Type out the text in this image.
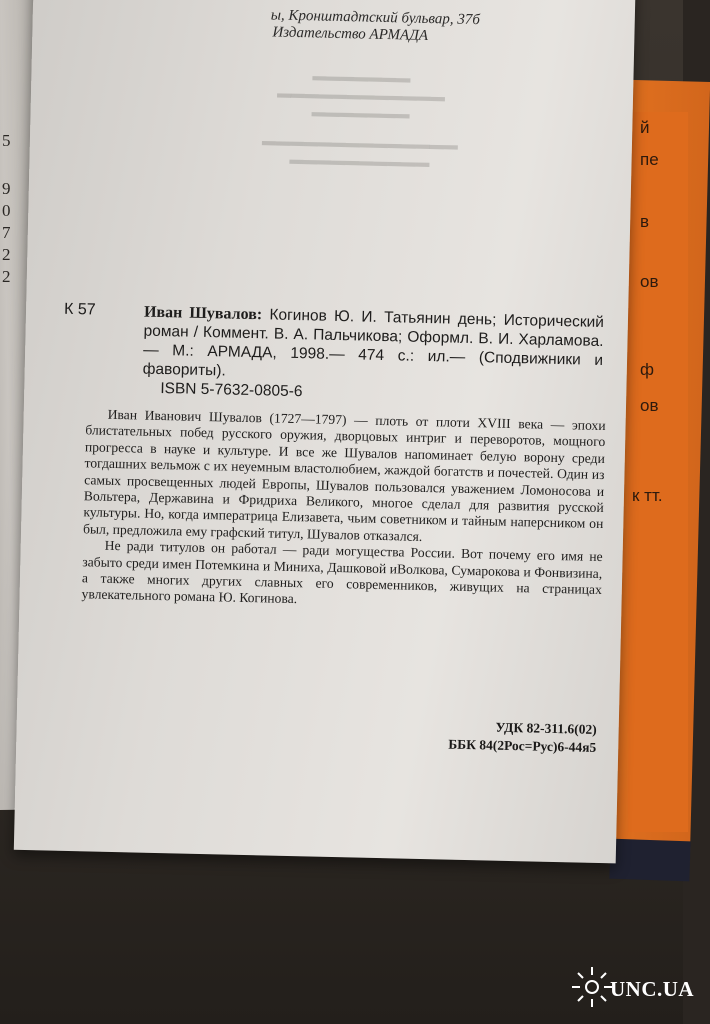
5
9
0
7
2
2
й
пе
в
ов
ф
ов
к тт.
ы, Кронштадтский бульвар, 37б
Издательство АРМАДА
▬▬▬▬▬▬▬
▬▬▬▬▬▬▬▬▬▬▬▬
▬▬▬▬▬▬▬
▬▬▬▬▬▬▬▬▬▬▬▬▬▬
▬▬▬▬▬▬▬▬▬▬
К 57	Иван Шувалов: Когинов Ю. И. Татьянин день; Исторический роман / Коммент. В. А. Пальчикова; Оформл. В. И. Харламова.— М.: АРМАДА, 1998.— 474 с.: ил.— (Сподвижники и фавориты).
ISBN 5-7632-0805-6

Иван Иванович Шувалов (1727—1797) — плоть от плоти XVIII века — эпохи блистательных побед русского оружия, дворцовых интриг и переворотов, мощного прогресса в науке и культуре. И все же Шувалов напоминает белую ворону среди тогдашних вельмож с их неуемным властолюбием, жаждой богатств и почестей. Один из самых просвещенных людей Европы, Шувалов пользовался уважением Ломоносова и Вольтера, Державина и Фридриха Великого, многое сделал для развития русской культуры. Но, когда императрица Елизавета, чьим советником и тайным наперсником он был, предложила ему графский титул, Шувалов отказался.

Не ради титулов он работал — ради могущества России. Вот почему его имя не забыто среди имен Потемкина и Миниха, Дашковой иВолкова, Сумарокова и Фонвизина, а также многих других славных его современников, живущих на страницах увлекательного романа Ю. Когинова.

УДК 82-311.6(02)
ББК 84(2Рос=Рус)6-44я5
UNC.UA
